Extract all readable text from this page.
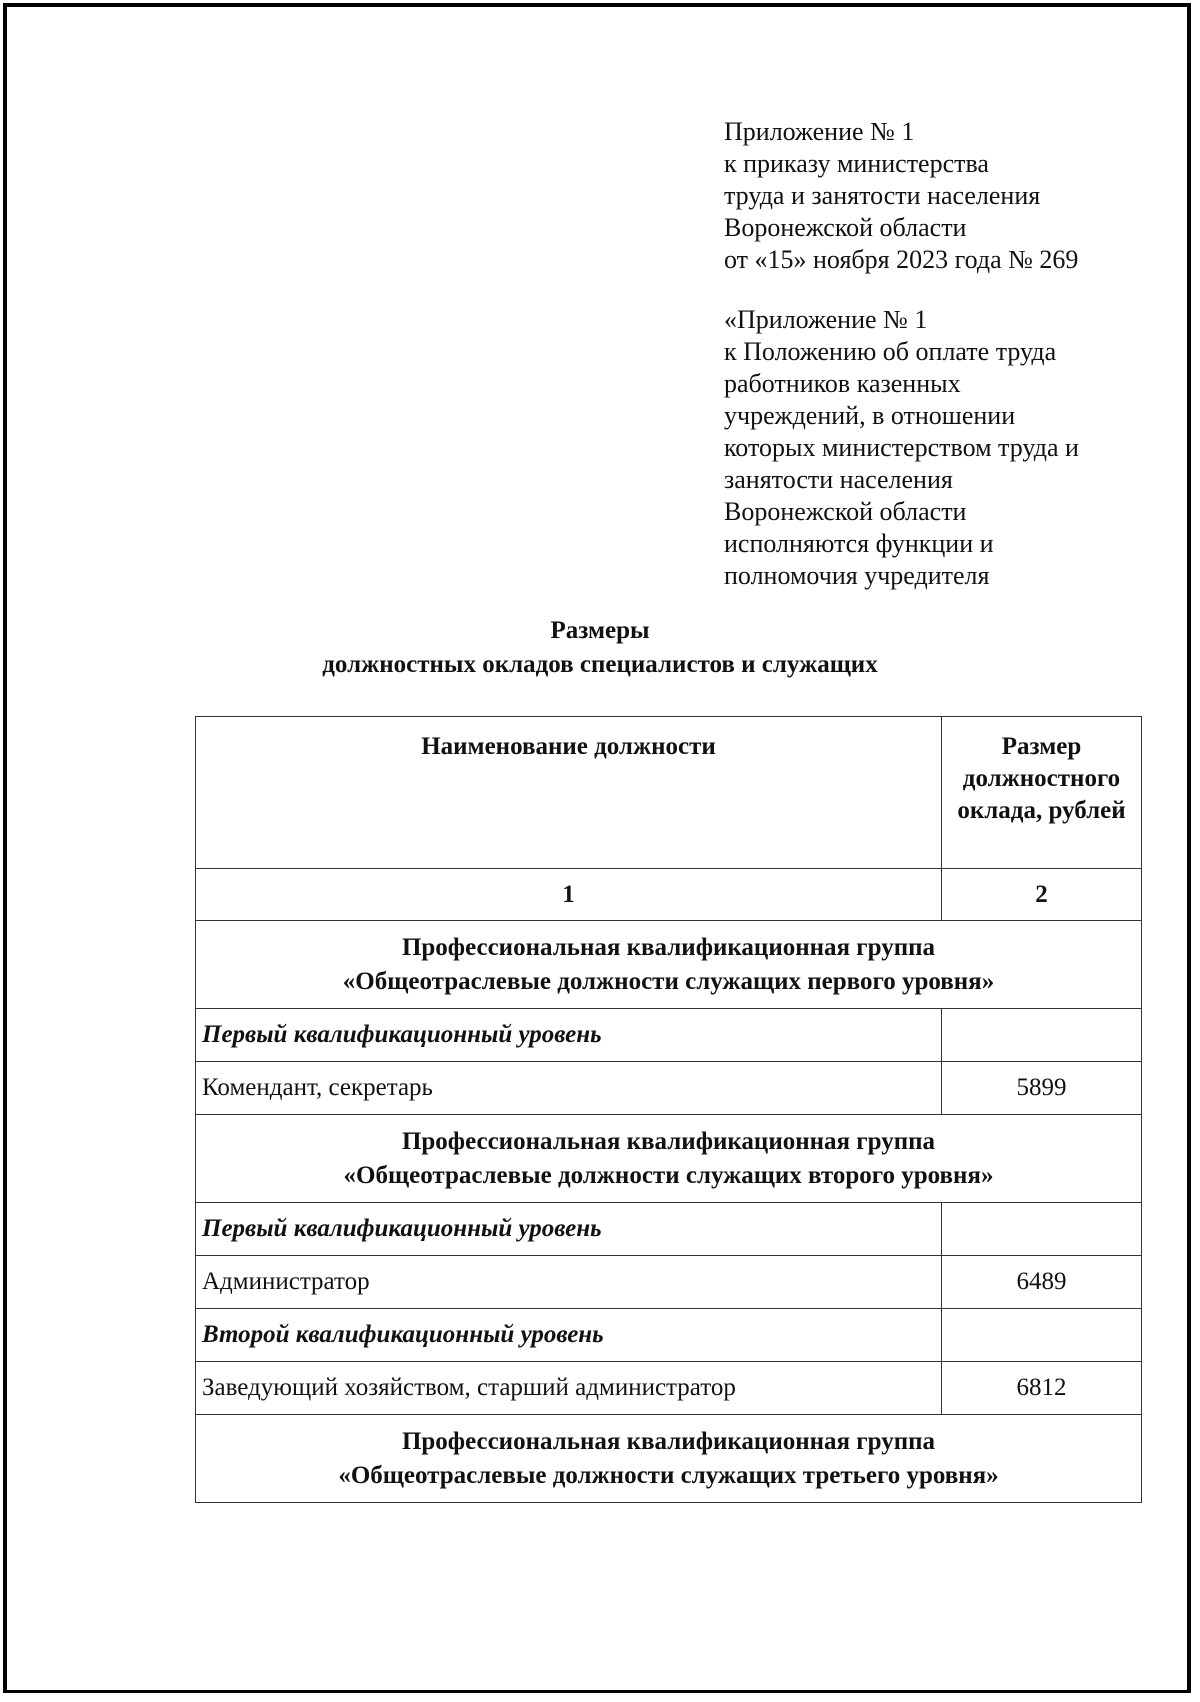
Приложение № 1
к приказу министерства
труда и занятости населения
Воронежской области
от «15» ноября 2023 года № 269
«Приложение № 1
к Положению об оплате труда
работников казенных
учреждений, в отношении
которых министерством труда и
занятости населения
Воронежской области
исполняются функции и
полномочия учредителя
Размеры
должностных окладов специалистов и служащих
Наименование должности	Размер должностного оклада, рублей
1	2

Профессиональная квалификационная группа
«Общеотраслевые должности служащих первого уровня»	

Первый квалификационный уровень	
Комендант, секретарь	5899

Профессиональная квалификационная группа
«Общеотраслевые должности служащих второго уровня»	

Первый квалификационный уровень	
Администратор	6489
Второй квалификационный уровень	
Заведующий хозяйством, старший администратор	6812

Профессиональная квалификационная группа
«Общеотраслевые должности служащих третьего уровня»	
